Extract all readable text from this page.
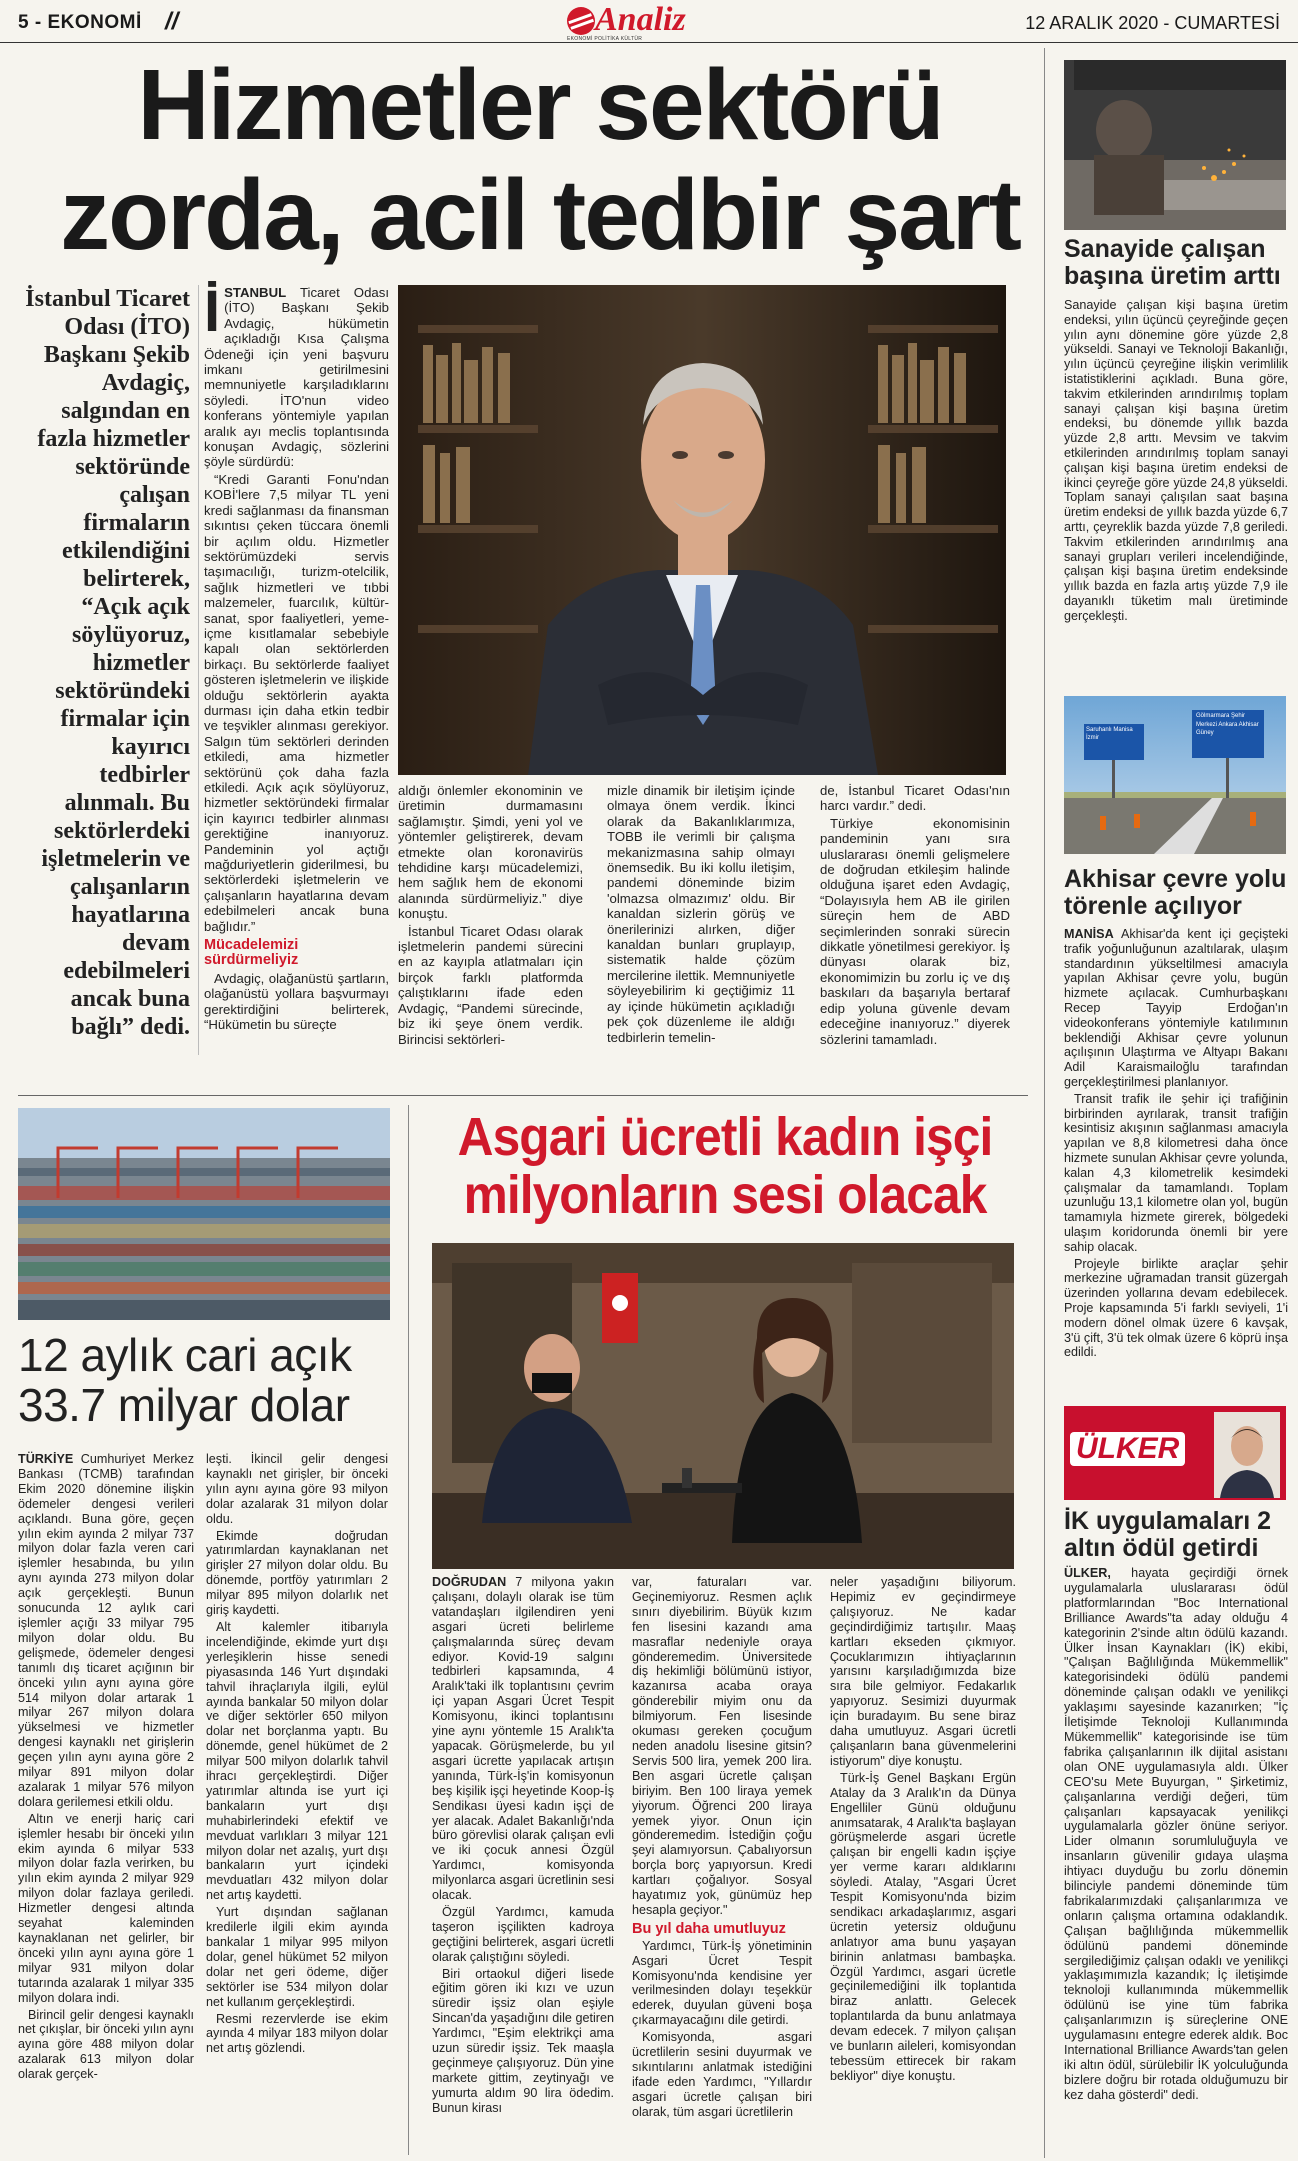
5 - EKONOMİ //	Analiz
EKONOMİ POLİTİKA KÜLTÜR
12 ARALIK 2020 - CUMARTESİ
Hizmetler sektörü
zorda, acil tedbir şart
İstanbul Ticaret Odası (İTO) Başkanı Şekib Avdagiç, salgından en fazla hizmetler sektöründe çalışan firmaların etkilendiğini belirterek, “Açık açık söylüyoruz, hizmetler sektöründeki firmalar için kayırıcı tedbirler alınmalı. Bu sektörlerdeki işletmelerin ve çalışanların hayatlarına devam edebilmeleri ancak buna bağlı” dedi.

İSTANBUL Ticaret Odası (İTO) Başkanı Şekib Avdagiç, hükümetin açıkladığı Kısa Çalışma Ödeneği için yeni başvuru imkanı getirilmesini memnuniyetle karşıladıklarını söyledi. İTO'nun video konferans yöntemiyle yapılan aralık ayı meclis toplantısında konuşan Avdagiç, sözlerini şöyle sürdürdü:

“Kredi Garanti Fonu'ndan KOBİ'lere 7,5 milyar TL yeni kredi sağlanması da finansman sıkıntısı çeken tüccara önemli bir açılım oldu. Hizmetler sektörümüzdeki servis taşımacılığı, turizm-otelcilik, sağlık hizmetleri ve tıbbi malzemeler, fuarcılık, kültür-sanat, spor faaliyetleri, yeme-içme kısıtlamalar sebebiyle kapalı olan sektörlerden birkaçı. Bu sektörlerde faaliyet gösteren işletmelerin ve ilişkide olduğu sektörlerin ayakta durması için daha etkin tedbir ve teşvikler alınması gerekiyor. Salgın tüm sektörleri derinden etkiledi, ama hizmetler sektörünü çok daha fazla etkiledi. Açık açık söylüyoruz, hizmetler sektöründeki firmalar için kayırıcı tedbirler alınması gerektiğine inanıyoruz. Pandeminin yol açtığı mağduriyetlerin giderilmesi, bu sektörlerdeki işletmelerin ve çalışanların hayatlarına devam edebilmeleri ancak buna bağlıdır.”

Mücadelemizi sürdürmeliyiz

Avdagiç, olağanüstü şartların, olağanüstü yollara başvurmayı gerektirdiğini belirterek, “Hükümetin bu süreçte

aldığı önlemler ekonominin ve üretimin durmamasını sağlamıştır. Şimdi, yeni yol ve yöntemler geliştirerek, devam etmekte olan koronavirüs tehdidine karşı mücadelemizi, hem sağlık hem de ekonomi alanında sürdürmeliyiz.” diye konuştu.

İstanbul Ticaret Odası olarak işletmelerin pandemi sürecini en az kayıpla atlatmaları için birçok farklı platformda çalıştıklarını ifade eden Avdagiç, “Pandemi sürecinde, biz iki şeye önem verdik. Birincisi sektörleri-

mizle dinamik bir iletişim içinde olmaya önem verdik. İkinci olarak da Bakanlıklarımıza, TOBB ile verimli bir çalışma mekanizmasına sahip olmayı önemsedik. Bu iki kollu iletişim, pandemi döneminde bizim 'olmazsa olmazımız' oldu. Bir kanaldan sizlerin görüş ve önerilerinizi alırken, diğer kanaldan bunları gruplayıp, sistematik halde çözüm mercilerine ilettik. Memnuniyetle söyleyebilirim ki geçtiğimiz 11 ay içinde hükümetin açıkladığı pek çok düzenleme ile aldığı tedbirlerin temelin-

de, İstanbul Ticaret Odası'nın harcı vardır.” dedi.

Türkiye ekonomisinin pandeminin yanı sıra uluslararası önemli gelişmelere de doğrudan etkileşim halinde olduğuna işaret eden Avdagiç, “Dolayısıyla hem AB ile girilen süreçin hem de ABD seçimlerinden sonraki sürecin dikkatle yönetilmesi gerekiyor. İş dünyası olarak biz, ekonomimizin bu zorlu iç ve dış baskıları da başarıyla bertaraf edip yoluna güvenle devam edeceğine inanıyoruz.” diyerek sözlerini tamamladı.

Sanayide çalışan başına üretim arttı
Sanayide çalışan kişi başına üretim endeksi, yılın üçüncü çeyreğinde geçen yılın aynı dönemine göre yüzde 2,8 yükseldi. Sanayi ve Teknoloji Bakanlığı, yılın üçüncü çeyreğine ilişkin verimlilik istatistiklerini açıkladı. Buna göre, takvim etkilerinden arındırılmış toplam sanayi çalışan kişi başına üretim endeksi, bu dönemde yıllık bazda yüzde 2,8 arttı. Mevsim ve takvim etkilerinden arındırılmış toplam sanayi çalışan kişi başına üretim endeksi de ikinci çeyreğe göre yüzde 24,8 yükseldi. Toplam sanayi çalışılan saat başına üretim endeksi de yıllık bazda yüzde 6,7 arttı, çeyreklik bazda yüzde 7,8 geriledi. Takvim etkilerinden arındırılmış ana sanayi grupları verileri incelendiğinde, çalışan kişi başına üretim endeksinde yıllık bazda en fazla artış yüzde 7,9 ile dayanıklı tüketim malı üretiminde gerçekleşti.
Saruhanlı Manisa İzmir
Gölmarmara Şehir Merkezi Ankara Akhisar Güney
Akhisar çevre yolu törenle açılıyor

MANİSA Akhisar'da kent içi geçişteki trafik yoğunluğunun azaltılarak, ulaşım standardının yükseltilmesi amacıyla yapılan Akhisar çevre yolu, bugün hizmete açılacak. Cumhurbaşkanı Recep Tayyip Erdoğan'ın videokonferans yöntemiyle katılımının beklendiği Akhisar çevre yolunun açılışının Ulaştırma ve Altyapı Bakanı Adil Karaismailoğlu tarafından gerçekleştirilmesi planlanıyor.

Transit trafik ile şehir içi trafiğinin birbirinden ayrılarak, transit trafiğin kesintisiz akışının sağlanması amacıyla yapılan ve 8,8 kilometresi daha önce hizmete sunulan Akhisar çevre yolunda, kalan 4,3 kilometrelik kesimdeki çalışmalar da tamamlandı. Toplam uzunluğu 13,1 kilometre olan yol, bugün tamamıyla hizmete girerek, bölgedeki ulaşım koridorunda önemli bir yere sahip olacak.

Projeyle birlikte araçlar şehir merkezine uğramadan transit güzergah üzerinden yollarına devam edebilecek. Proje kapsamında 5'i farklı seviyeli, 1'i modern dönel olmak üzere 6 kavşak, 3'ü çift, 3'ü tek olmak üzere 6 köprü inşa edildi.

ÜLKER
İK uygulamaları 2 altın ödül getirdi

ÜLKER, hayata geçirdiği örnek uygulamalarla uluslararası ödül platformlarından "Boc International Brilliance Awards"ta aday olduğu 4 kategorinin 2'sinde altın ödülü kazandı. Ülker İnsan Kaynakları (İK) ekibi, "Çalışan Bağlılığında Mükemmellik" kategorisindeki ödülü pandemi döneminde çalışan odaklı ve yenilikçi yaklaşımı sayesinde kazanırken; "İç İletişimde Teknoloji Kullanımında Mükemmellik" kategorisinde ise tüm fabrika çalışanlarının ilk dijital asistanı olan ONE uygulamasıyla aldı. Ülker CEO'su Mete Buyurgan, " Şirketimiz, çalışanlarına verdiği değeri, tüm çalışanları kapsayacak yenilikçi uygulamalarla gözler önüne seriyor. Lider olmanın sorumluluğuyla ve insanların güvenilir gıdaya ulaşma ihtiyacı duyduğu bu zorlu dönemin bilinciyle pandemi döneminde tüm fabrikalarımızdaki çalışanlarımıza ve onların çalışma ortamına odaklandık. Çalışan bağlılığında mükemmellik ödülünü pandemi döneminde sergilediğimiz çalışan odaklı ve yenilikçi yaklaşımımızla kazandık; İç iletişimde teknoloji kullanımında mükemmellik ödülünü ise yine tüm fabrika çalışanlarımızın iş süreçlerine ONE uygulamasını entegre ederek aldık. Boc International Brilliance Awards'tan gelen iki altın ödül, sürülebilir İK yolculuğunda bizlere doğru bir rotada olduğumuzu bir kez daha gösterdi" dedi.

12 aylık cari açık
33.7 milyar dolar

TÜRKİYE Cumhuriyet Merkez Bankası (TCMB) tarafından Ekim 2020 dönemine ilişkin ödemeler dengesi verileri açıklandı. Buna göre, geçen yılın ekim ayında 2 milyar 737 milyon dolar fazla veren cari işlemler hesabında, bu yılın aynı ayında 273 milyon dolar açık gerçekleşti. Bunun sonucunda 12 aylık cari işlemler açığı 33 milyar 795 milyon dolar oldu. Bu gelişmede, ödemeler dengesi tanımlı dış ticaret açığının bir önceki yılın aynı ayına göre 514 milyon dolar artarak 1 milyar 267 milyon dolara yükselmesi ve hizmetler dengesi kaynaklı net girişlerin geçen yılın aynı ayına göre 2 milyar 891 milyon dolar azalarak 1 milyar 576 milyon dolara gerilemesi etkili oldu.

Altın ve enerji hariç cari işlemler hesabı bir önceki yılın ekim ayında 6 milyar 533 milyon dolar fazla verirken, bu yılın ekim ayında 2 milyar 929 milyon dolar fazlaya geriledi. Hizmetler dengesi altında seyahat kaleminden kaynaklanan net gelirler, bir önceki yılın aynı ayına göre 1 milyar 931 milyon dolar tutarında azalarak 1 milyar 335 milyon dolara indi.

Birincil gelir dengesi kaynaklı net çıkışlar, bir önceki yılın aynı ayına göre 488 milyon dolar azalarak 613 milyon dolar olarak gerçek-

leşti. İkincil gelir dengesi kaynaklı net girişler, bir önceki yılın aynı ayına göre 93 milyon dolar azalarak 31 milyon dolar oldu.

Ekimde doğrudan yatırımlardan kaynaklanan net girişler 27 milyon dolar oldu. Bu dönemde, portföy yatırımları 2 milyar 895 milyon dolarlık net giriş kaydetti.

Alt kalemler itibarıyla incelendiğinde, ekimde yurt dışı yerleşiklerin hisse senedi piyasasında 146 Yurt dışındaki tahvil ihraçlarıyla ilgili, eylül ayında bankalar 50 milyon dolar ve diğer sektörler 650 milyon dolar net borçlanma yaptı. Bu dönemde, genel hükümet de 2 milyar 500 milyon dolarlık tahvil ihracı gerçekleştirdi. Diğer yatırımlar altında ise yurt içi bankaların yurt dışı muhabirlerindeki efektif ve mevduat varlıkları 3 milyar 121 milyon dolar net azalış, yurt dışı bankaların yurt içindeki mevduatları 432 milyon dolar net artış kaydetti.

Yurt dışından sağlanan kredilerle ilgili ekim ayında bankalar 1 milyar 995 milyon dolar, genel hükümet 52 milyon dolar net geri ödeme, diğer sektörler ise 534 milyon dolar net kullanım gerçekleştirdi.

Resmi rezervlerde ise ekim ayında 4 milyar 183 milyon dolar net artış gözlendi.

Asgari ücretli kadın işçi
milyonların sesi olacak

DOĞRUDAN 7 milyona yakın çalışanı, dolaylı olarak ise tüm vatandaşları ilgilendiren yeni asgari ücreti belirleme çalışmalarında süreç devam ediyor. Kovid-19 salgını tedbirleri kapsamında, 4 Aralık'taki ilk toplantısını çevrim içi yapan Asgari Ücret Tespit Komisyonu, ikinci toplantısını yine aynı yöntemle 15 Aralık'ta yapacak. Görüşmelerde, bu yıl asgari ücrette yapılacak artışın yanında, Türk-İş'in komisyonun beş kişilik işçi heyetinde Koop-İş Sendikası üyesi kadın işçi de yer alacak. Adalet Bakanlığı'nda büro görevlisi olarak çalışan evli ve iki çocuk annesi Özgül Yardımcı, komisyonda milyonlarca asgari ücretlinin sesi olacak.

Özgül Yardımcı, kamuda taşeron işçilikten kadroya geçtiğini belirterek, asgari ücretli olarak çalıştığını söyledi.

Biri ortaokul diğeri lisede eğitim gören iki kızı ve uzun süredir işsiz olan eşiyle Sincan'da yaşadığını dile getiren Yardımcı, "Eşim elektrikçi ama uzun süredir işsiz. Tek maaşla geçinmeye çalışıyoruz. Dün yine markete gittim, zeytinyağı ve yumurta aldım 90 lira ödedim. Bunun kirası

var, faturaları var. Geçinemiyoruz. Resmen açlık sınırı diyebilirim. Büyük kızım fen lisesini kazandı ama masraflar nedeniyle oraya gönderemedim. Üniversitede diş hekimliği bölümünü istiyor, kazanırsa acaba oraya gönderebilir miyim onu da bilmiyorum. Fen lisesinde okuması gereken çocuğum neden anadolu lisesine gitsin? Servis 500 lira, yemek 200 lira. Ben asgari ücretle çalışan biriyim. Ben 100 liraya yemek yiyorum. Öğrenci 200 liraya yemek yiyor. Onun için gönderemedim. İstediğin çoğu şeyi alamıyorsun. Çabalıyorsun borçla borç yapıyorsun. Kredi kartları çoğalıyor. Sosyal hayatımız yok, günümüz hep hesapla geçiyor."

Bu yıl daha umutluyuz

Yardımcı, Türk-İş yönetiminin Asgari Ücret Tespit Komisyonu'nda kendisine yer verilmesinden dolayı teşekkür ederek, duyulan güveni boşa çıkarmayacağını dile getirdi.

Komisyonda, asgari ücretlilerin sesini duyurmak ve sıkıntılarını anlatmak istediğini ifade eden Yardımcı, "Yıllardır asgari ücretle çalışan biri olarak, tüm asgari ücretlilerin

neler yaşadığını biliyorum. Hepimiz ev geçindirmeye çalışıyoruz. Ne kadar geçindirdiğimiz tartışılır. Maaş kartları ekseden çıkmıyor. Çocuklarımızın ihtiyaçlarının yarısını karşıladığımızda bize sıra bile gelmiyor. Fedakarlık yapıyoruz. Sesimizi duyurmak için buradayım. Bu sene biraz daha umutluyuz. Asgari ücretli çalışanların bana güvenmelerini istiyorum" diye konuştu.

Türk-İş Genel Başkanı Ergün Atalay da 3 Aralık'ın da Dünya Engelliler Günü olduğunu anımsatarak, 4 Aralık'ta başlayan görüşmelerde asgari ücretle çalışan bir engelli kadın işçiye yer verme kararı aldıklarını söyledi. Atalay, "Asgari Ücret Tespit Komisyonu'nda bizim sendikacı arkadaşlarımız, asgari ücretin yetersiz olduğunu anlatıyor ama bunu yaşayan birinin anlatması bambaşka. Özgül Yardımcı, asgari ücretle geçinilemediğini ilk toplantıda biraz anlattı. Gelecek toplantılarda da bunu anlatmaya devam edecek. 7 milyon çalışan ve bunların aileleri, komisyondan tebessüm ettirecek bir rakam bekliyor" diye konuştu.
